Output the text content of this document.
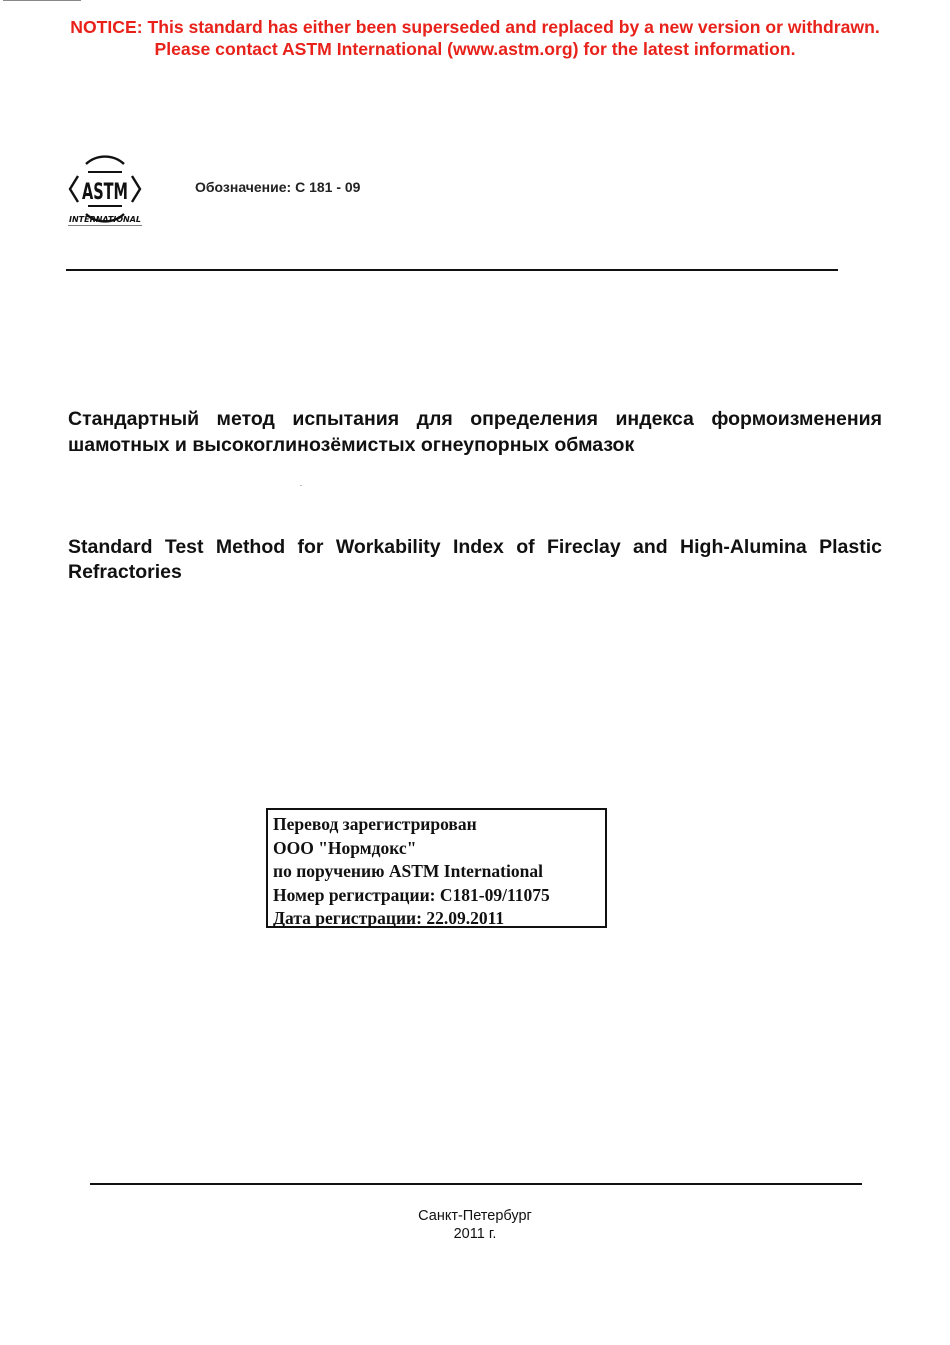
NOTICE: This standard has either been superseded and replaced by a new version or withdrawn.
Please contact ASTM International (www.astm.org) for the latest information.
ASTM
INTERNATIONAL
Обозначение: C 181 - 09

Стандартный метод испытания для определения индекса формоизменения шамотных и высокоглинозёмистых огнеупорных обмазок

Standard Test Method for Workability Index of Fireclay and High-Alumina Plastic Refractories

Перевод зарегистрирован
ООО "Нормдокс"
по поручению ASTM International
Номер регистрации: C181-09/11075
Дата регистрации: 22.09.2011
Санкт-Петербург
2011 г.
